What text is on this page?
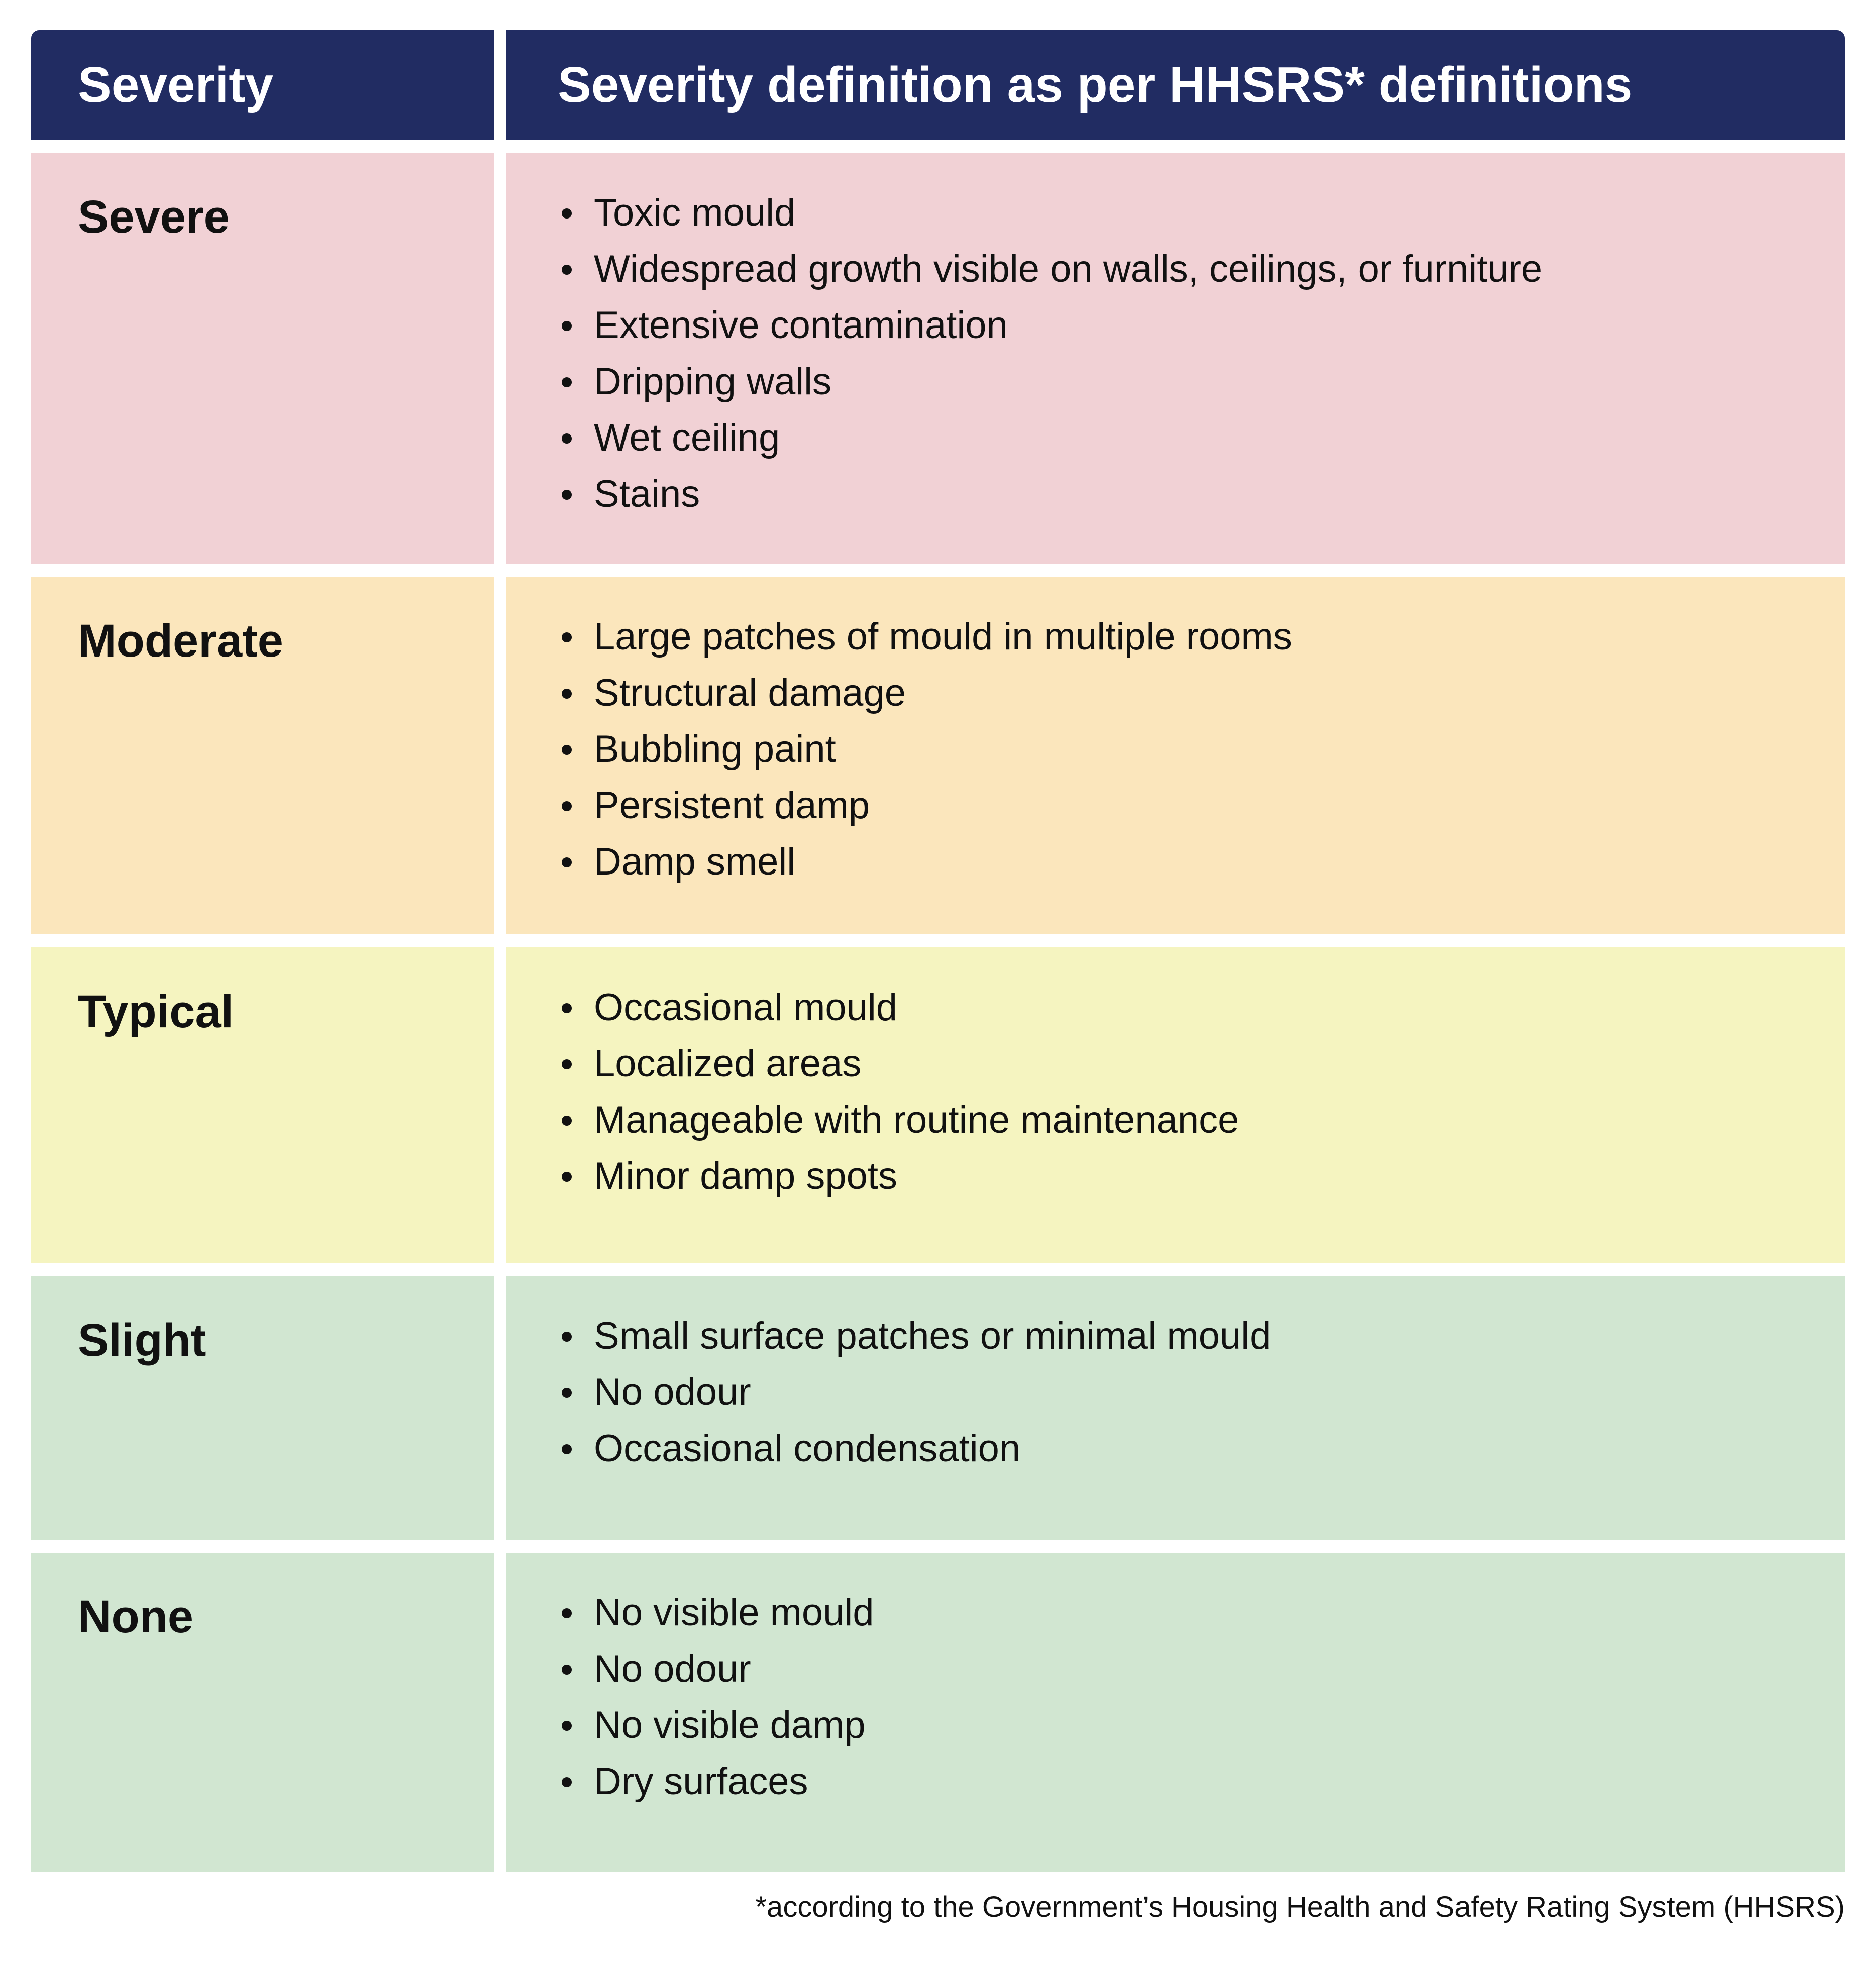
Severity	Severity definition as per HHSRS* definitions
Severe	Toxic mould
Widespread growth visible on walls, ceilings, or furniture
Extensive contamination
Dripping walls
Wet ceiling
Stains
Moderate	Large patches of mould in multiple rooms
Structural damage
Bubbling paint
Persistent damp
Damp smell
Typical	Occasional mould
Localized areas
Manageable with routine maintenance
Minor damp spots
Slight	Small surface patches or minimal mould
No odour
Occasional condensation
None	No visible mould
No odour
No visible damp
Dry surfaces
*according to the Government’s Housing Health and Safety Rating System (HHSRS)
